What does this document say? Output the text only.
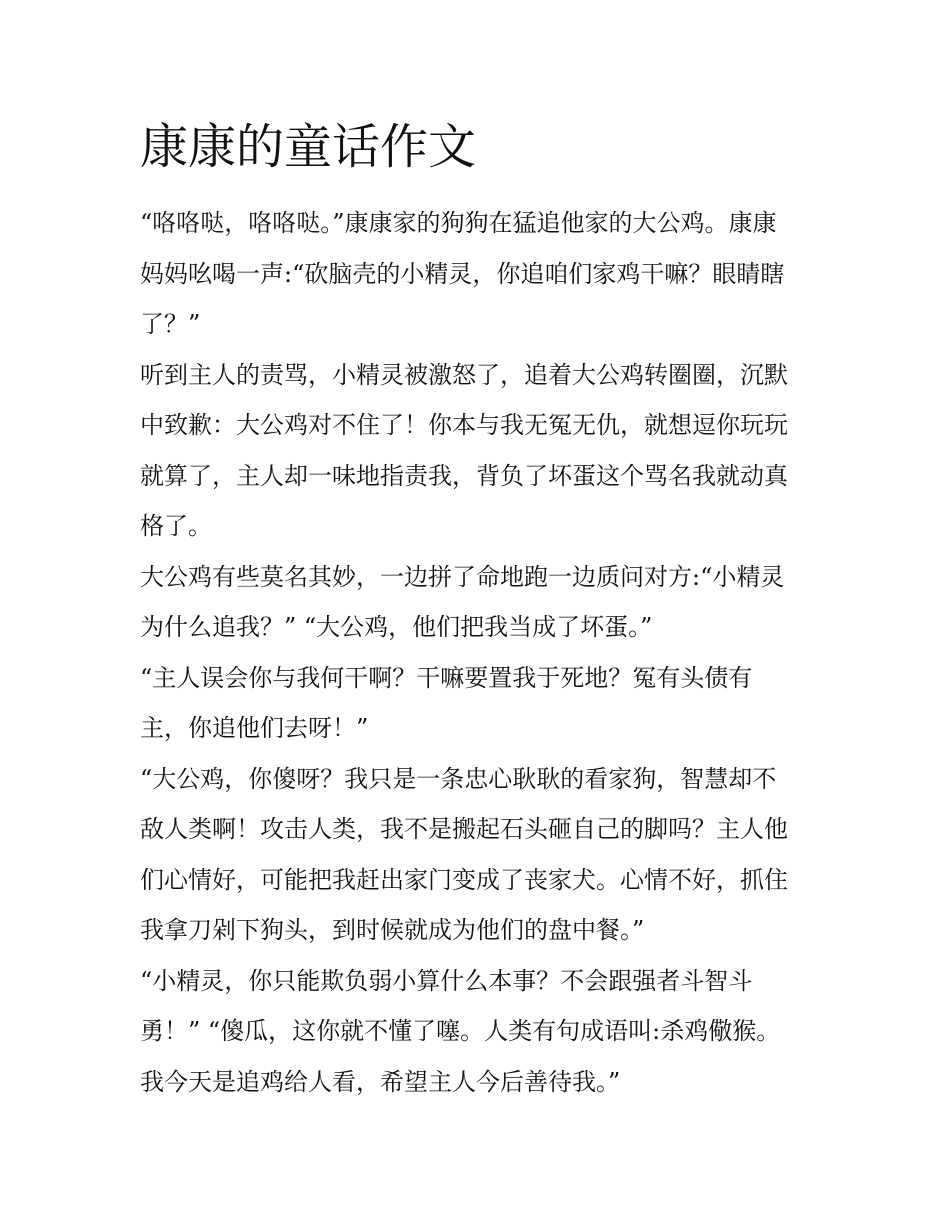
康康的童话作文
“咯咯哒，咯咯哒。”康康家的狗狗在猛追他家的大公鸡。康康
妈妈吆喝一声:“砍脑壳的小精灵，你追咱们家鸡干嘛？眼睛瞎
了？”
听到主人的责骂，小精灵被激怒了，追着大公鸡转圈圈，沉默
中致歉：大公鸡对不住了！你本与我无冤无仇，就想逗你玩玩
就算了，主人却一味地指责我，背负了坏蛋这个骂名我就动真
格了。
大公鸡有些莫名其妙，一边拼了命地跑一边质问对方:“小精灵
为什么追我？” “大公鸡，他们把我当成了坏蛋。”
“主人误会你与我何干啊？干嘛要置我于死地？冤有头债有
主，你追他们去呀！”
“大公鸡，你傻呀？我只是一条忠心耿耿的看家狗，智慧却不
敌人类啊！攻击人类，我不是搬起石头砸自己的脚吗？主人他
们心情好，可能把我赶出家门变成了丧家犬。心情不好，抓住
我拿刀剁下狗头，到时候就成为他们的盘中餐。”
“小精灵，你只能欺负弱小算什么本事？不会跟强者斗智斗
勇！” “傻瓜，这你就不懂了噻。人类有句成语叫:杀鸡儆猴。
我今天是追鸡给人看，希望主人今后善待我。”
